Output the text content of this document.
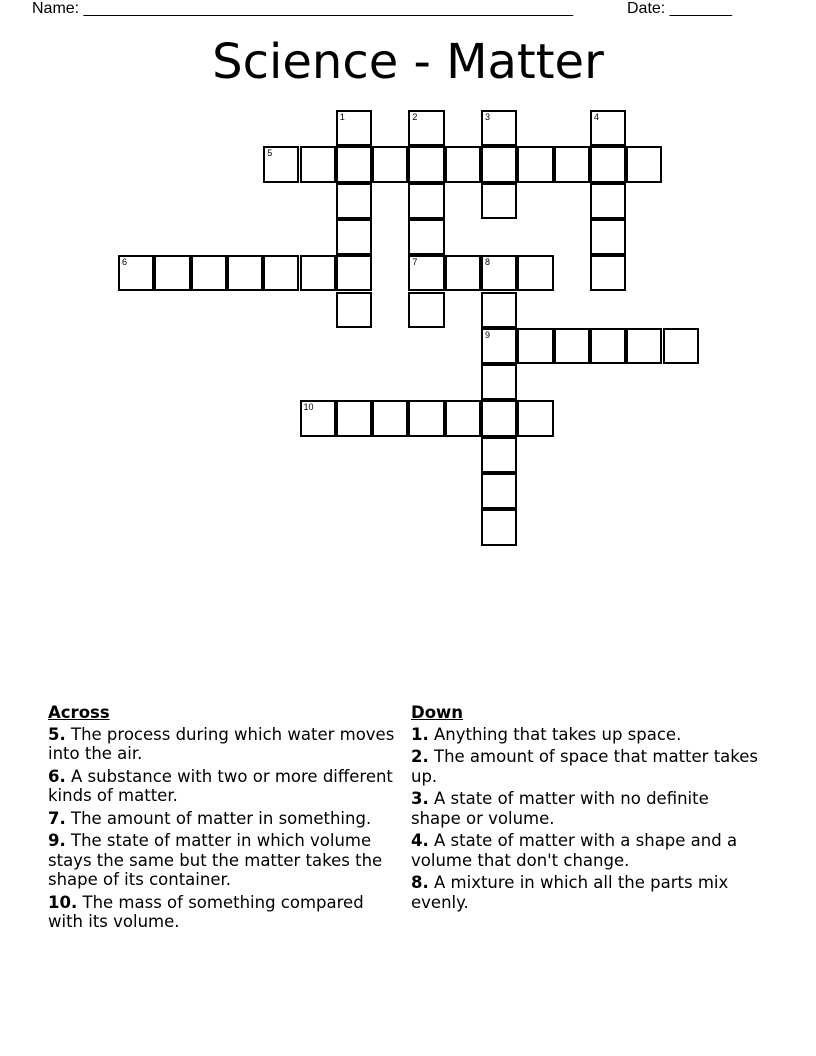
Name: _______________________________________________________	Date: _______
Science - Matter
1	2
7
3	4
5
6	8
9
10
Across
5. The process during which water moves into the air.
6. A substance with two or more different kinds of matter.
7. The amount of matter in something.
9. The state of matter in which volume stays the same but the matter takes the shape of its container.
10. The mass of something compared with its volume.
Down
1. Anything that takes up space.
2. The amount of space that matter takes up.
3. A state of matter with no definite shape or volume.
4. A state of matter with a shape and a volume that don't change.
8. A mixture in which all the parts mix evenly.
